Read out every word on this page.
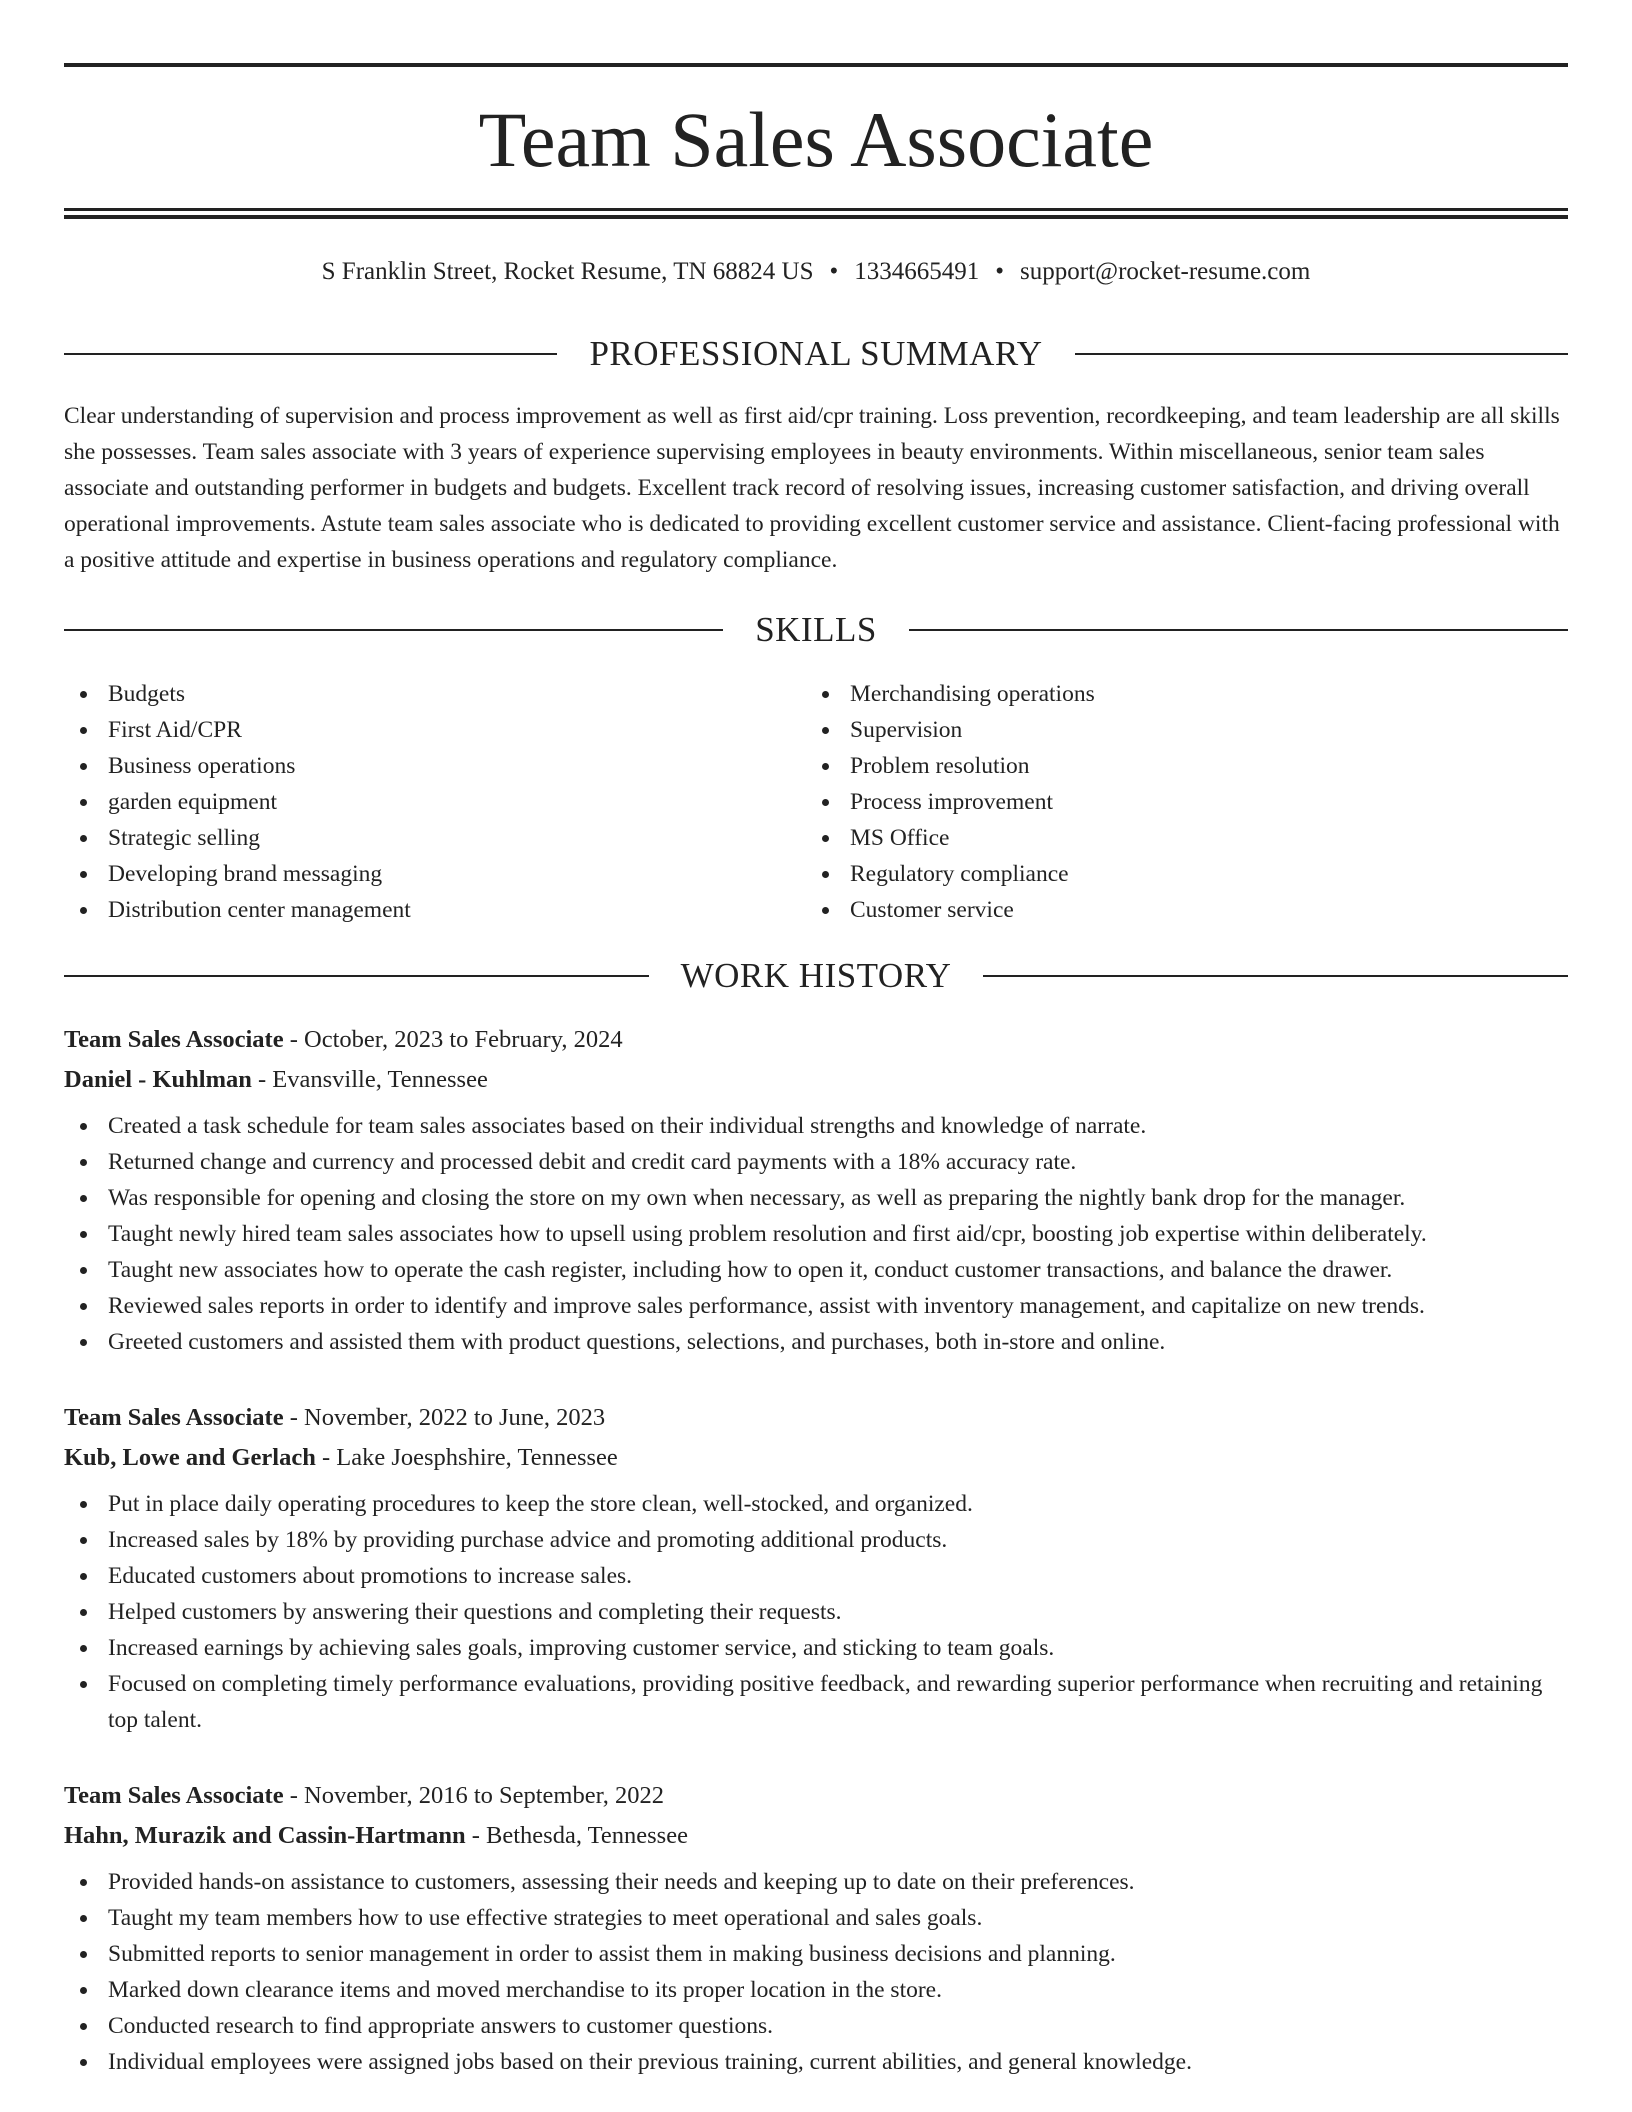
Team Sales Associate
S Franklin Street, Rocket Resume, TN 68824 US • 1334665491 • support@rocket-resume.com
PROFESSIONAL SUMMARY

Clear understanding of supervision and process improvement as well as first aid/cpr training. Loss prevention, recordkeeping, and team leadership are all skills she possesses. Team sales associate with 3 years of experience supervising employees in beauty environments. Within miscellaneous, senior team sales associate and outstanding performer in budgets and budgets. Excellent track record of resolving issues, increasing customer satisfaction, and driving overall operational improvements. Astute team sales associate who is dedicated to providing excellent customer service and assistance. Client-facing professional with a positive attitude and expertise in business operations and regulatory compliance.

SKILLS
Budgets
First Aid/CPR
Business operations
garden equipment
Strategic selling
Developing brand messaging
Distribution center management
Merchandising operations
Supervision
Problem resolution
Process improvement
MS Office
Regulatory compliance
Customer service
WORK HISTORY
Team Sales Associate - October, 2023 to February, 2024
Daniel - Kuhlman - Evansville, Tennessee
Created a task schedule for team sales associates based on their individual strengths and knowledge of narrate.
Returned change and currency and processed debit and credit card payments with a 18% accuracy rate.
Was responsible for opening and closing the store on my own when necessary, as well as preparing the nightly bank drop for the manager.
Taught newly hired team sales associates how to upsell using problem resolution and first aid/cpr, boosting job expertise within deliberately.
Taught new associates how to operate the cash register, including how to open it, conduct customer transactions, and balance the drawer.
Reviewed sales reports in order to identify and improve sales performance, assist with inventory management, and capitalize on new trends.
Greeted customers and assisted them with product questions, selections, and purchases, both in-store and online.
Team Sales Associate - November, 2022 to June, 2023
Kub, Lowe and Gerlach - Lake Joesphshire, Tennessee
Put in place daily operating procedures to keep the store clean, well-stocked, and organized.
Increased sales by 18% by providing purchase advice and promoting additional products.
Educated customers about promotions to increase sales.
Helped customers by answering their questions and completing their requests.
Increased earnings by achieving sales goals, improving customer service, and sticking to team goals.
Focused on completing timely performance evaluations, providing positive feedback, and rewarding superior performance when recruiting and retaining top talent.
Team Sales Associate - November, 2016 to September, 2022
Hahn, Murazik and Cassin-Hartmann - Bethesda, Tennessee
Provided hands-on assistance to customers, assessing their needs and keeping up to date on their preferences.
Taught my team members how to use effective strategies to meet operational and sales goals.
Submitted reports to senior management in order to assist them in making business decisions and planning.
Marked down clearance items and moved merchandise to its proper location in the store.
Conducted research to find appropriate answers to customer questions.
Individual employees were assigned jobs based on their previous training, current abilities, and general knowledge.
